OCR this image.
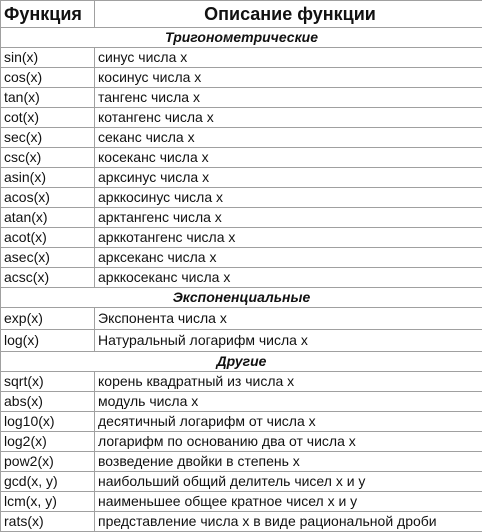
Функция	Описание функции
Тригонометрические	
sin(x)	синус числа x
cos(x)	косинус числа x
tan(x)	тангенс числа x
cot(x)	котангенс числа x
sec(x)	секанс числа x
csc(x)	косеканс числа x
asin(x)	арксинус числа x
acos(x)	арккосинус числа x
atan(x)	арктангенс числа x
acot(x)	арккотангенс числа x
asec(x)	арксеканс числа x
acsc(x)	арккосеканс числа x
Экспоненциальные	
exp(x)	Экспонента числа x
log(x)	Натуральный логарифм числа x
Другие	
sqrt(x)	корень квадратный из числа x
abs(x)	модуль числа x
log10(x)	десятичный логарифм от числа x
log2(x)	логарифм по основанию два от числа x
pow2(x)	возведение двойки в степень x
gcd(x, y)	наибольший общий делитель чисел x и y
lcm(x, y)	наименьшее общее кратное чисел x и y
rats(x)	представление числа x в виде рациональной дроби
